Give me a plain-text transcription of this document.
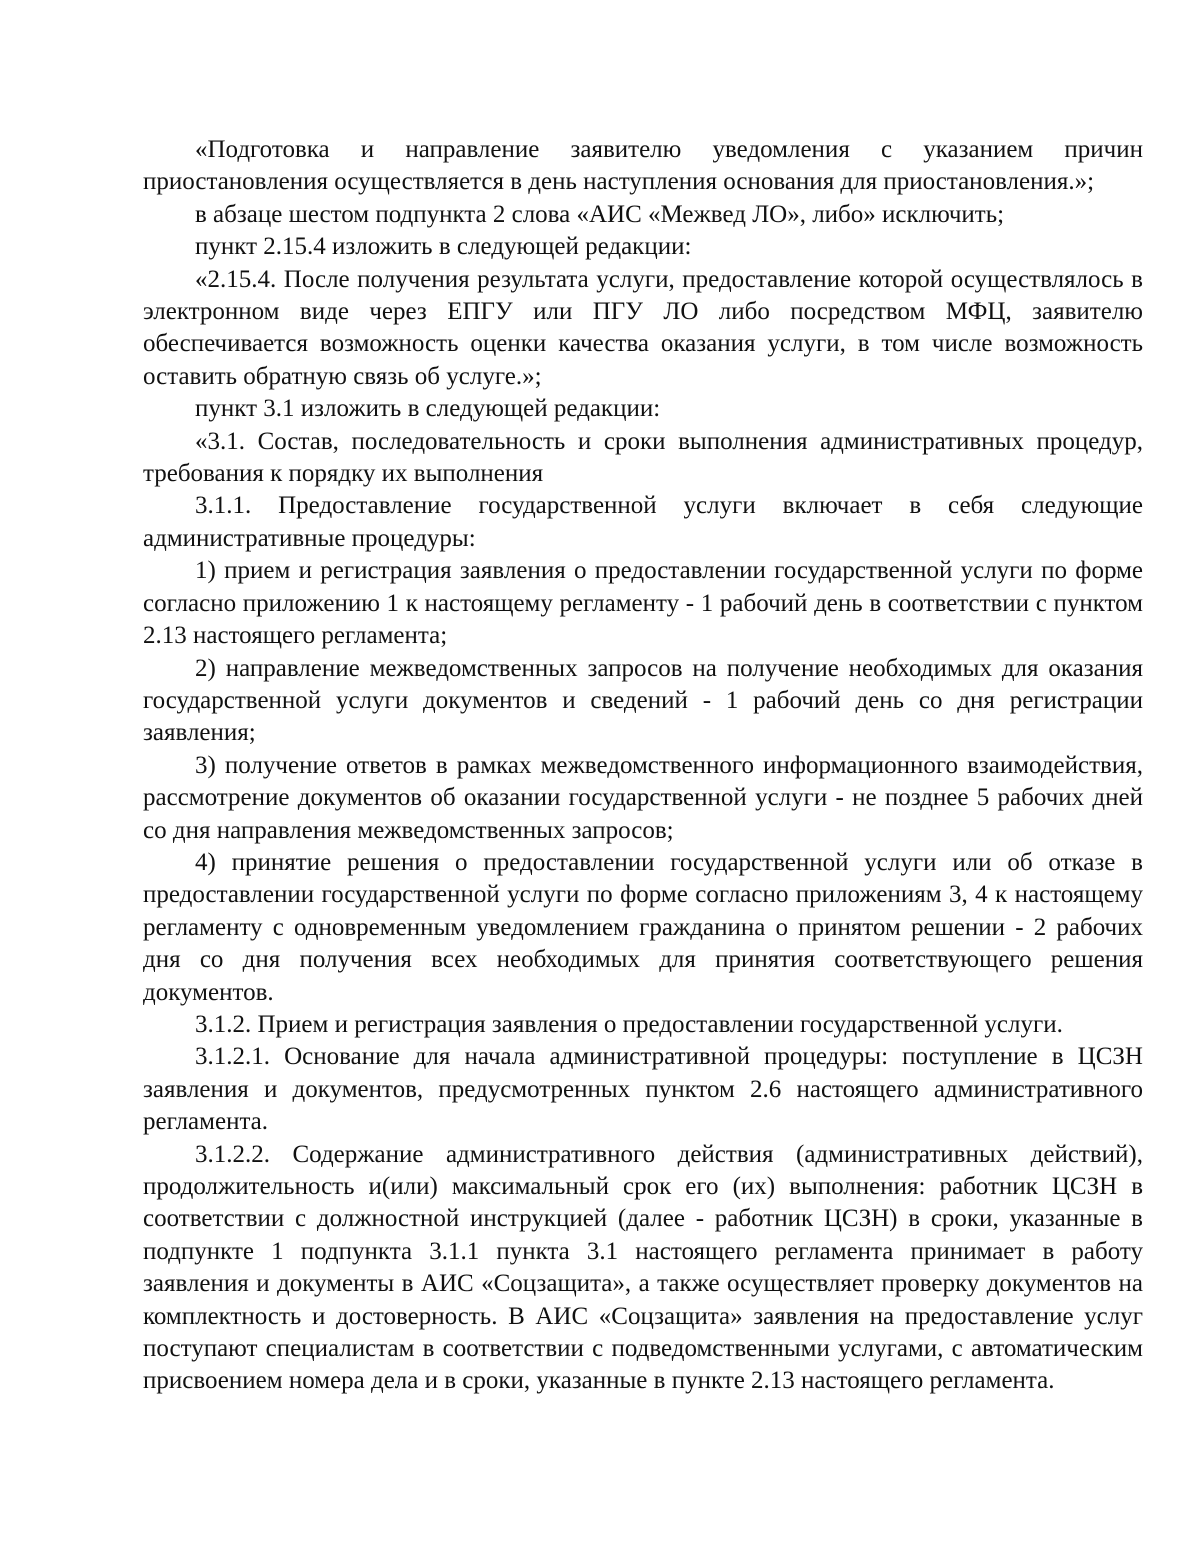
«Подготовка и направление заявителю уведомления с указанием причин приостановления осуществляется в день наступления основания для приостановления.»;

в абзаце шестом подпункта 2 слова «АИС «Межвед ЛО», либо» исключить;

пункт 2.15.4 изложить в следующей редакции:

«2.15.4. После получения результата услуги, предоставление которой осуществлялось в электронном виде через ЕПГУ или ПГУ ЛО либо посредством МФЦ, заявителю обеспечивается возможность оценки качества оказания услуги, в том числе возможность оставить обратную связь об услуге.»;

пункт 3.1 изложить в следующей редакции:

«3.1. Состав, последовательность и сроки выполнения административных процедур, требования к порядку их выполнения

3.1.1. Предоставление государственной услуги включает в себя следующие административные процедуры:

1) прием и регистрация заявления о предоставлении государственной услуги по форме согласно приложению 1 к настоящему регламенту - 1 рабочий день в соответствии с пунктом 2.13 настоящего регламента;

2) направление межведомственных запросов на получение необходимых для оказания государственной услуги документов и сведений - 1 рабочий день со дня регистрации заявления;

3) получение ответов в рамках межведомственного информационного взаимодействия, рассмотрение документов об оказании государственной услуги - не позднее 5 рабочих дней со дня направления межведомственных запросов;

4) принятие решения о предоставлении государственной услуги или об отказе в предоставлении государственной услуги по форме согласно приложениям 3, 4 к настоящему регламенту с одновременным уведомлением гражданина о принятом решении - 2 рабочих дня со дня получения всех необходимых для принятия соответствующего решения документов.

3.1.2. Прием и регистрация заявления о предоставлении государственной услуги.

3.1.2.1. Основание для начала административной процедуры: поступление в ЦСЗН заявления и документов, предусмотренных пунктом 2.6 настоящего административного регламента.

3.1.2.2. Содержание административного действия (административных действий), продолжительность и(или) максимальный срок его (их) выполнения: работник ЦСЗН в соответствии с должностной инструкцией (далее - работник ЦСЗН) в сроки, указанные в подпункте 1 подпункта 3.1.1 пункта 3.1 настоящего регламента принимает в работу заявления и документы в АИС «Соцзащита», а также осуществляет проверку документов на комплектность и достоверность. В АИС «Соцзащита» заявления на предоставление услуг поступают специалистам в соответствии с подведомственными услугами, с автоматическим присвоением номера дела и в сроки, указанные в пункте 2.13 настоящего регламента.
